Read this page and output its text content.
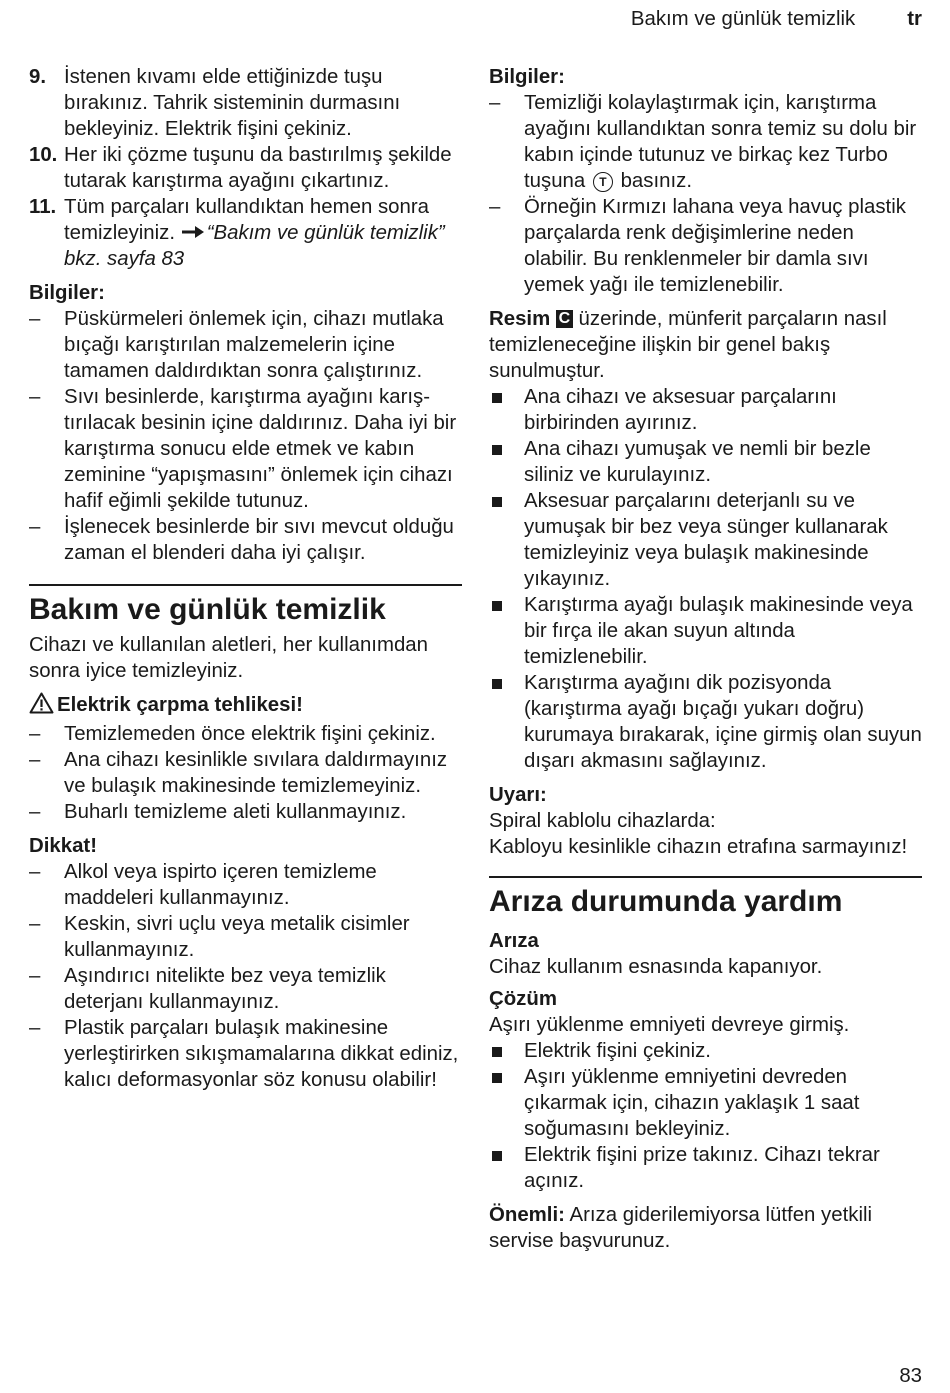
Bakım ve günlük temizlik	tr
9. İstenen kıvamı elde ettiğinizde tuşu bırakınız. Tahrik sisteminin durmasını bekleyiniz. Elektrik fişini çekiniz.
10. Her iki çözme tuşunu da bastırılmış şekilde tutarak karıştırma ayağını çıkartınız.
11. Tüm parçaları kullandıktan hemen sonra temizleyiniz. “Bakım ve günlük temizlik” bkz. sayfa 83

Bilgiler:

–	Püskürmeleri önlemek için, cihazı mutlaka bıçağı karıştırılan malzemelerin içine tamamen daldırdıktan sonra çalıştırınız.
–	Sıvı besinlerde, karıştırma ayağını karış- tırılacak besinin içine daldırınız. Daha iyi bir karıştırma sonucu elde etmek ve kabın zeminine “yapışmasını” önlemek için cihazı hafif eğimli şekilde tutunuz.
–	İşlenecek besinlerde bir sıvı mevcut olduğu zaman el blenderi daha iyi çalışır.
Bakım ve günlük temizlik

Cihazı ve kullanılan aletleri, her kullanımdan sonra iyice temizleyiniz.

Elektrik çarpma tehlikesi!

–	Temizlemeden önce elektrik fişini çekiniz.
–	Ana cihazı kesinlikle sıvılara daldırmayınız ve bulaşık makinesinde temizlemeyiniz.
–	Buharlı temizleme aleti kullanmayınız.

Dikkat!

–	Alkol veya ispirto içeren temizleme maddeleri kullanmayınız.
–	Keskin, sivri uçlu veya metalik cisimler kullanmayınız.
–	Aşındırıcı nitelikte bez veya temizlik deterjanı kullanmayınız.
–	Plastik parçaları bulaşık makinesine yerleştirirken sıkışmamalarına dikkat ediniz, kalıcı deformasyonlar söz konusu olabilir!

Bilgiler:

–	Temizliği kolaylaştırmak için, karıştırma ayağını kullandıktan sonra temiz su dolu bir kabın içinde tutunuz ve birkaç kez Turbo tuşuna T basınız.
–	Örneğin Kırmızı lahana veya havuç plastik parçalarda renk değişimlerine neden olabilir. Bu renklenmeler bir damla sıvı yemek yağı ile temizlenebilir.

Resim C üzerinde, münferit parçaların nasıl temizleneceğine ilişkin bir genel bakış sunulmuştur.

Ana cihazı ve aksesuar parçalarını birbirinden ayırınız.
Ana cihazı yumuşak ve nemli bir bezle siliniz ve kurulayınız.
Aksesuar parçalarını deterjanlı su ve yumuşak bir bez veya sünger kullanarak temizleyiniz veya bulaşık makinesinde yıkayınız.
Karıştırma ayağı bulaşık makinesinde veya bir fırça ile akan suyun altında temizlenebilir.
Karıştırma ayağını dik pozisyonda (karıştırma ayağı bıçağı yukarı doğru) kurumaya bırakarak, içine girmiş olan suyun dışarı akmasını sağlayınız.

Uyarı:

Spiral kablolu cihazlarda:

Kabloyu kesinlikle cihazın etrafına sarmayınız!

Arıza durumunda yardım

Arıza

Cihaz kullanım esnasında kapanıyor.

Çözüm

Aşırı yüklenme emniyeti devreye girmiş.

Elektrik fişini çekiniz.
Aşırı yüklenme emniyetini devreden çıkarmak için, cihazın yaklaşık 1 saat soğumasını bekleyiniz.
Elektrik fişini prize takınız. Cihazı tekrar açınız.

Önemli: Arıza giderilemiyorsa lütfen yetkili servise başvurunuz.

83
